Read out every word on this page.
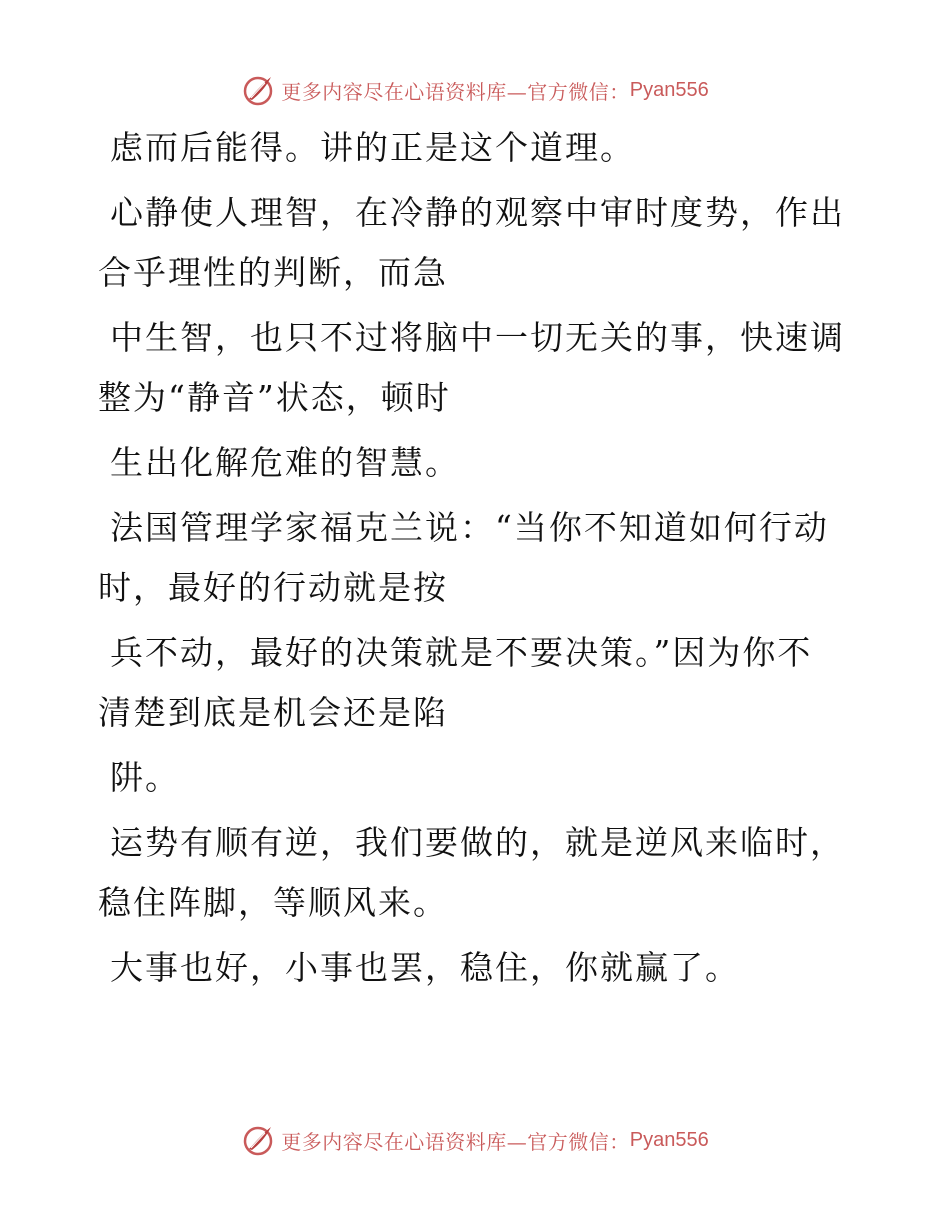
更多内容尽在心语资料库—官方微信： Pyan556

虑而后能得。讲的正是这个道理。

心静使人理智，在冷静的观察中审时度势，作出
合乎理性的判断，而急

中生智，也只不过将脑中一切无关的事，快速调
整为“静音”状态，顿时

生出化解危难的智慧。

法国管理学家福克兰说：“当你不知道如何行动
时，最好的行动就是按

兵不动，最好的决策就是不要决策。”因为你不
清楚到底是机会还是陷

阱。

运势有顺有逆，我们要做的，就是逆风来临时，
稳住阵脚，等顺风来。

大事也好，小事也罢，稳住，你就赢了。

更多内容尽在心语资料库—官方微信： Pyan556
